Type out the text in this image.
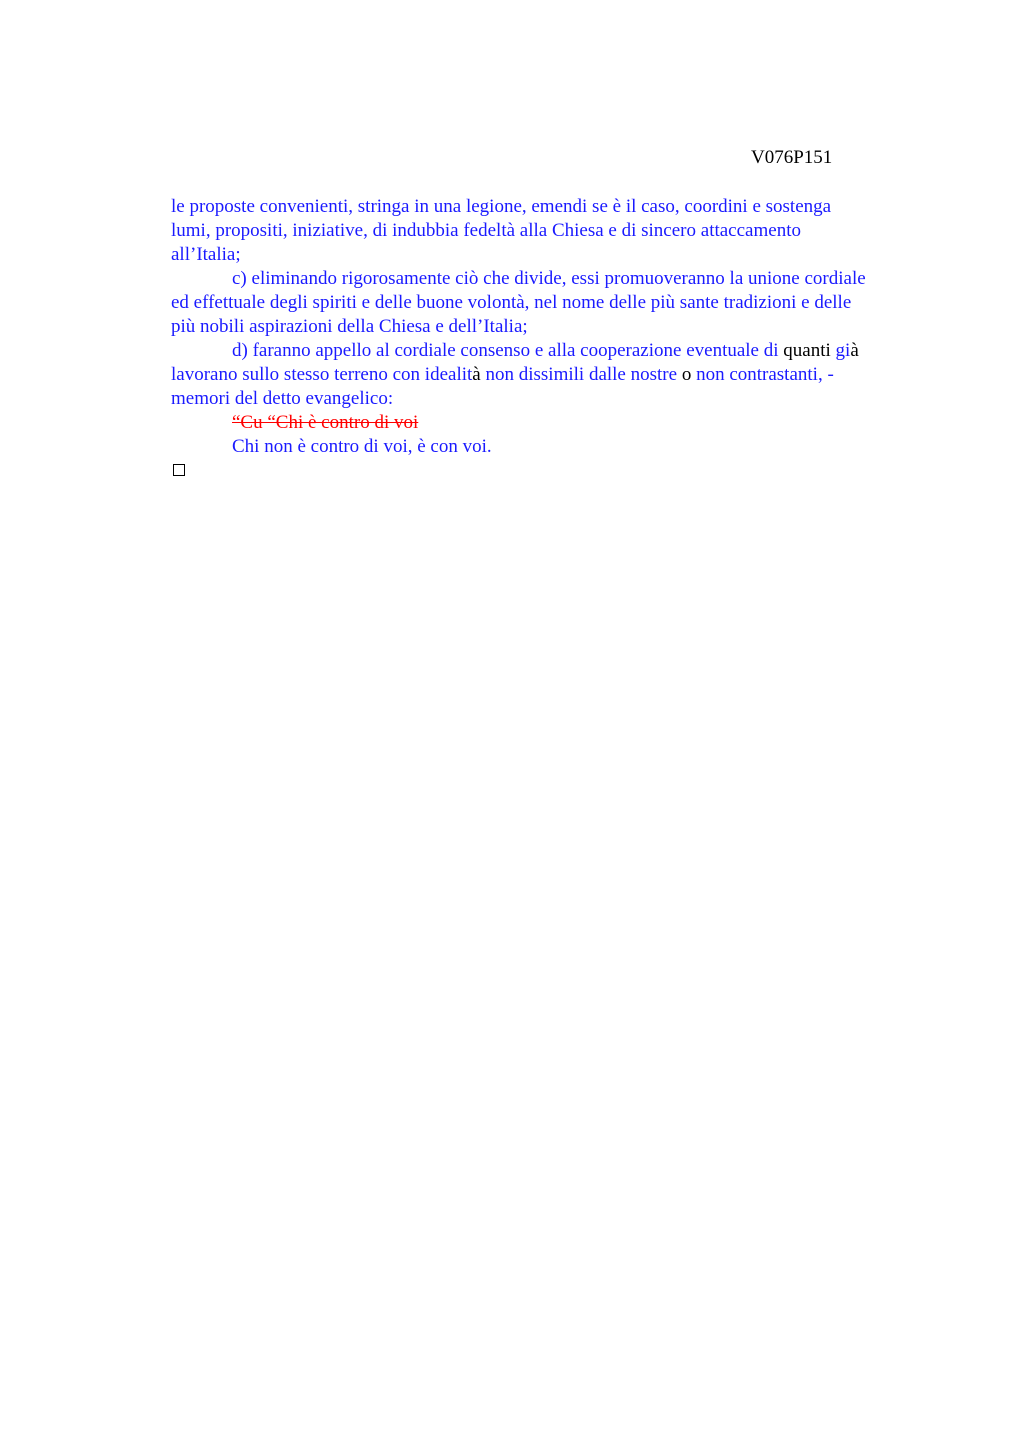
V076P151
le proposte convenienti, stringa in una legione, emendi se è il caso, coordini e sostenga
lumi, propositi, iniziative, di indubbia fedeltà alla Chiesa e di sincero attaccamento
all’Italia;
c) eliminando rigorosamente ciò che divide, essi promuoveranno la unione cordiale
ed effettuale degli spiriti e delle buone volontà, nel nome delle più sante tradizioni e delle
più nobili aspirazioni della Chiesa e dell’Italia;
d) faranno appello al cordiale consenso e alla cooperazione eventuale di quanti già
lavorano sullo stesso terreno con idealità non dissimili dalle nostre o non contrastanti, -
memori del detto evangelico:
“Cu “Chi è contro di voi
Chi non è contro di voi, è con voi.
